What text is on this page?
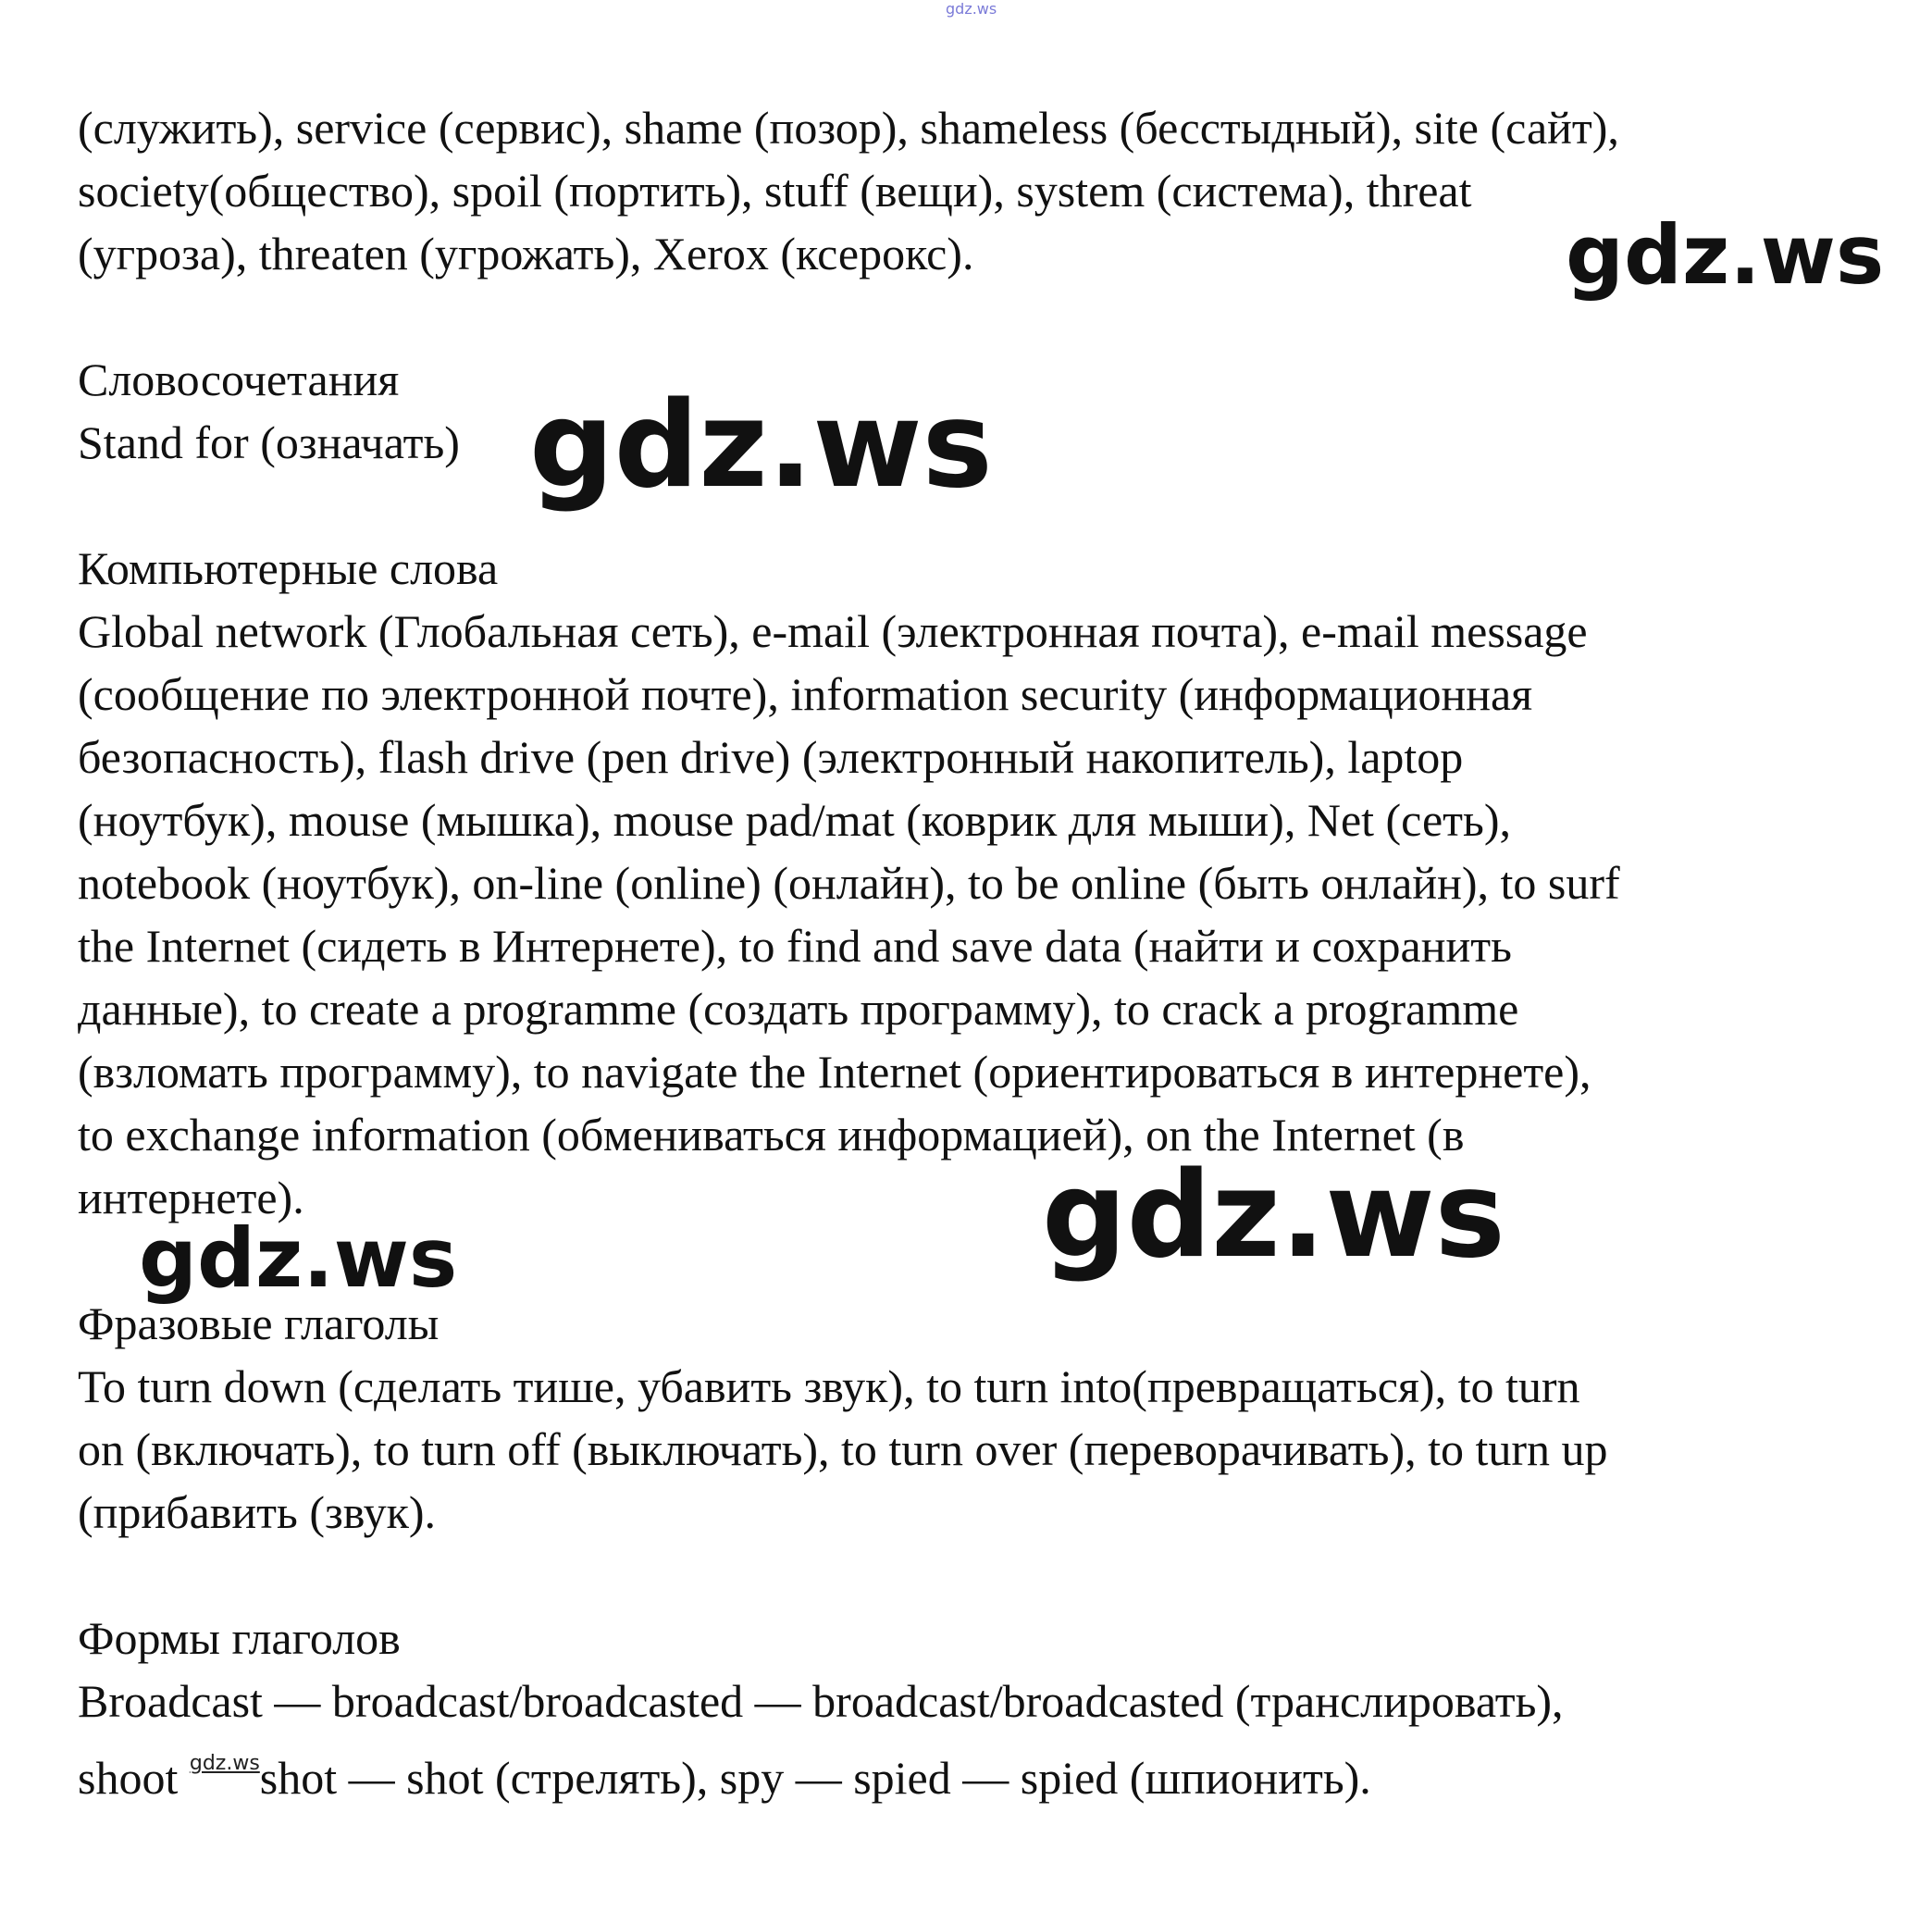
gdz.ws
(служить), service (сервис), shame (позор), shameless (бесстыдный), site (сайт),
society(общество), spoil (портить), stuff (вещи), system (система), threat
(угроза), threaten (угрожать), Xerox (ксерокс).
Словосочетания
Stand for (означать)
Компьютерные слова
Global network (Глобальная сеть), e-mail (электронная почта), e-mail message
(сообщение по электронной почте), information security (информационная
безопасность), flash drive (pen drive) (электронный накопитель), laptop
(ноутбук), mouse (мышка), mouse pad/mat (коврик для мыши), Net (сеть),
notebook (ноутбук), on-line (online) (онлайн), to be online (быть онлайн), to surf
the Internet (сидеть в Интернете), to find and save data (найти и сохранить
данные), to create a programme (создать программу), to crack a programme
(взломать программу), to navigate the Internet (ориентироваться в интернете),
to exchange information (обмениваться информацией), on the Internet (в
интернете).
Фразовые глаголы
To turn down (сделать тише, убавить звук), to turn into(превращаться), to turn
on (включать), to turn off (выключать), to turn over (переворачивать), to turn up
(прибавить (звук).
Формы глаголов
Broadcast — broadcast/broadcasted — broadcast/broadcasted (транслировать),
shoot $^{gdz.ws}$shot — shot (стрелять), spy — spied — spied (шпионить).
gdz.ws
gdz.ws
gdz.ws
gdz.ws
